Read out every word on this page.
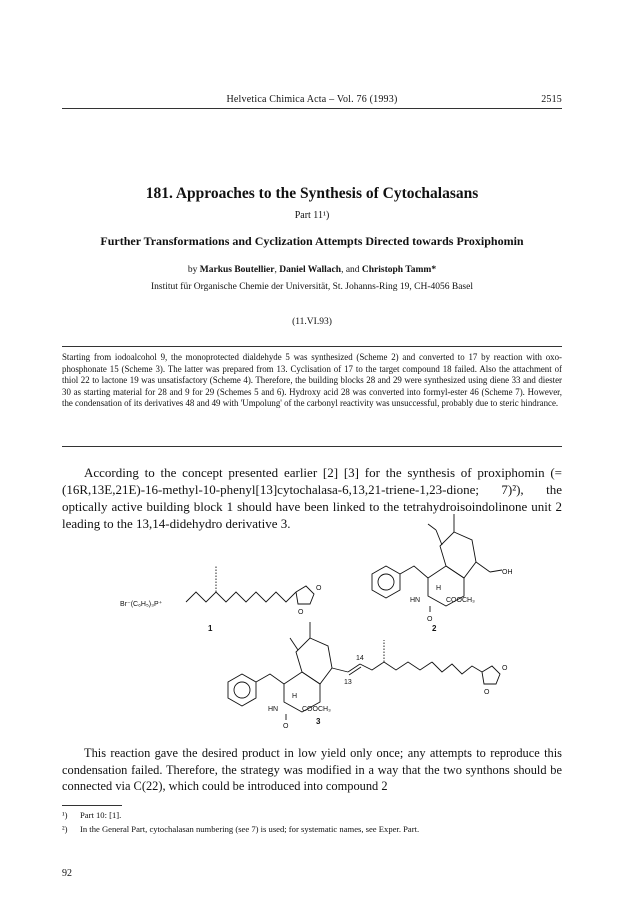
Helvetica Chimica Acta – Vol. 76 (1993)	2515
181. Approaches to the Synthesis of Cytochalasans
Part 11¹)
Further Transformations and Cyclization Attempts Directed towards Proxiphomin
by Markus Boutellier, Daniel Wallach, and Christoph Tamm*
Institut für Organische Chemie der Universität, St. Johanns-Ring 19, CH-4056 Basel
(11.VI.93)
Starting from iodoalcohol 9, the monoprotected dialdehyde 5 was synthesized (Scheme 2) and converted to 17 by reaction with oxo-phosphonate 15 (Scheme 3). The latter was prepared from 13. Cyclisation of 17 to the target compound 18 failed. Also the attachment of thiol 22 to lactone 19 was unsatisfactory (Scheme 4). Therefore, the building blocks 28 and 29 were synthesized using diene 33 and diester 30 as starting material for 28 and 9 for 29 (Schemes 5 and 6). Hydroxy acid 28 was converted into formyl-ester 46 (Scheme 7). However, the condensation of its derivatives 48 and 49 with 'Umpolung' of the carbonyl reactivity was unsuccessful, probably due to steric hindrance.
According to the concept presented earlier [2] [3] for the synthesis of proxiphomin (= (16R,13E,21E)-16-methyl-10-phenyl[13]cytochalasa-6,13,21-triene-1,23-dione; 7)²), the optically active building block 1 should have been linked to the tetrahydroisoindolinone unit 2 leading to the 13,14-didehydro derivative 3.
Br⁻(C₆H₅)₃P⁺
O
O
1
OH
H
HN	COOCH₃
O
2
13
14
O
O
H
HN	COOCH₃
O
3
This reaction gave the desired product in low yield only once; any attempts to reproduce this condensation failed. Therefore, the strategy was modified in a way that the two synthons should be connected via C(22), which could be introduced into compound 2
¹) Part 10: [1].
²) In the General Part, cytochalasan numbering (see 7) is used; for systematic names, see Exper. Part.
92
